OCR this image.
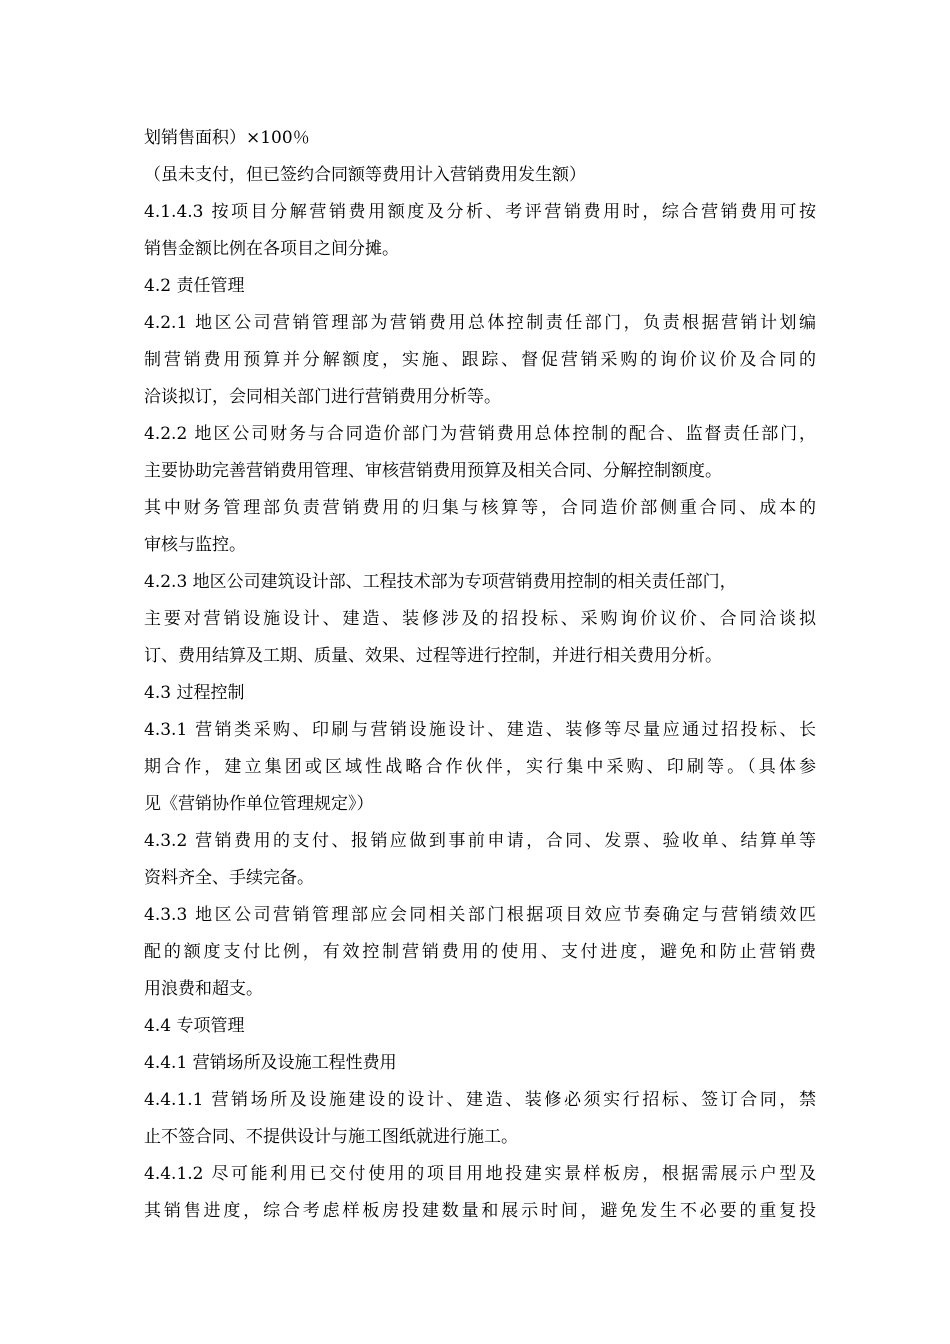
划销售面积）×100％
（虽未支付，但已签约合同额等费用计入营销费用发生额）
4.1.4.3 按项目分解营销费用额度及分析、考评营销费用时，综合营销费用可按
销售金额比例在各项目之间分摊。
4.2 责任管理
4.2.1 地区公司营销管理部为营销费用总体控制责任部门，负责根据营销计划编
制营销费用预算并分解额度，实施、跟踪、督促营销采购的询价议价及合同的
洽谈拟订，会同相关部门进行营销费用分析等。
4.2.2 地区公司财务与合同造价部门为营销费用总体控制的配合、监督责任部门，
主要协助完善营销费用管理、审核营销费用预算及相关合同、分解控制额度。
其中财务管理部负责营销费用的归集与核算等，合同造价部侧重合同、成本的
审核与监控。
4.2.3 地区公司建筑设计部、工程技术部为专项营销费用控制的相关责任部门，
主要对营销设施设计、建造、装修涉及的招投标、采购询价议价、合同洽谈拟
订、费用结算及工期、质量、效果、过程等进行控制，并进行相关费用分析。
4.3 过程控制
4.3.1 营销类采购、印刷与营销设施设计、建造、装修等尽量应通过招投标、长
期合作，建立集团或区域性战略合作伙伴，实行集中采购、印刷等。（具体参
见《营销协作单位管理规定》）
4.3.2 营销费用的支付、报销应做到事前申请，合同、发票、验收单、结算单等
资料齐全、手续完备。
4.3.3 地区公司营销管理部应会同相关部门根据项目效应节奏确定与营销绩效匹
配的额度支付比例，有效控制营销费用的使用、支付进度，避免和防止营销费
用浪费和超支。
4.4 专项管理
4.4.1 营销场所及设施工程性费用
4.4.1.1 营销场所及设施建设的设计、建造、装修必须实行招标、签订合同，禁
止不签合同、不提供设计与施工图纸就进行施工。
4.4.1.2 尽可能利用已交付使用的项目用地投建实景样板房，根据需展示户型及
其销售进度，综合考虑样板房投建数量和展示时间，避免发生不必要的重复投
